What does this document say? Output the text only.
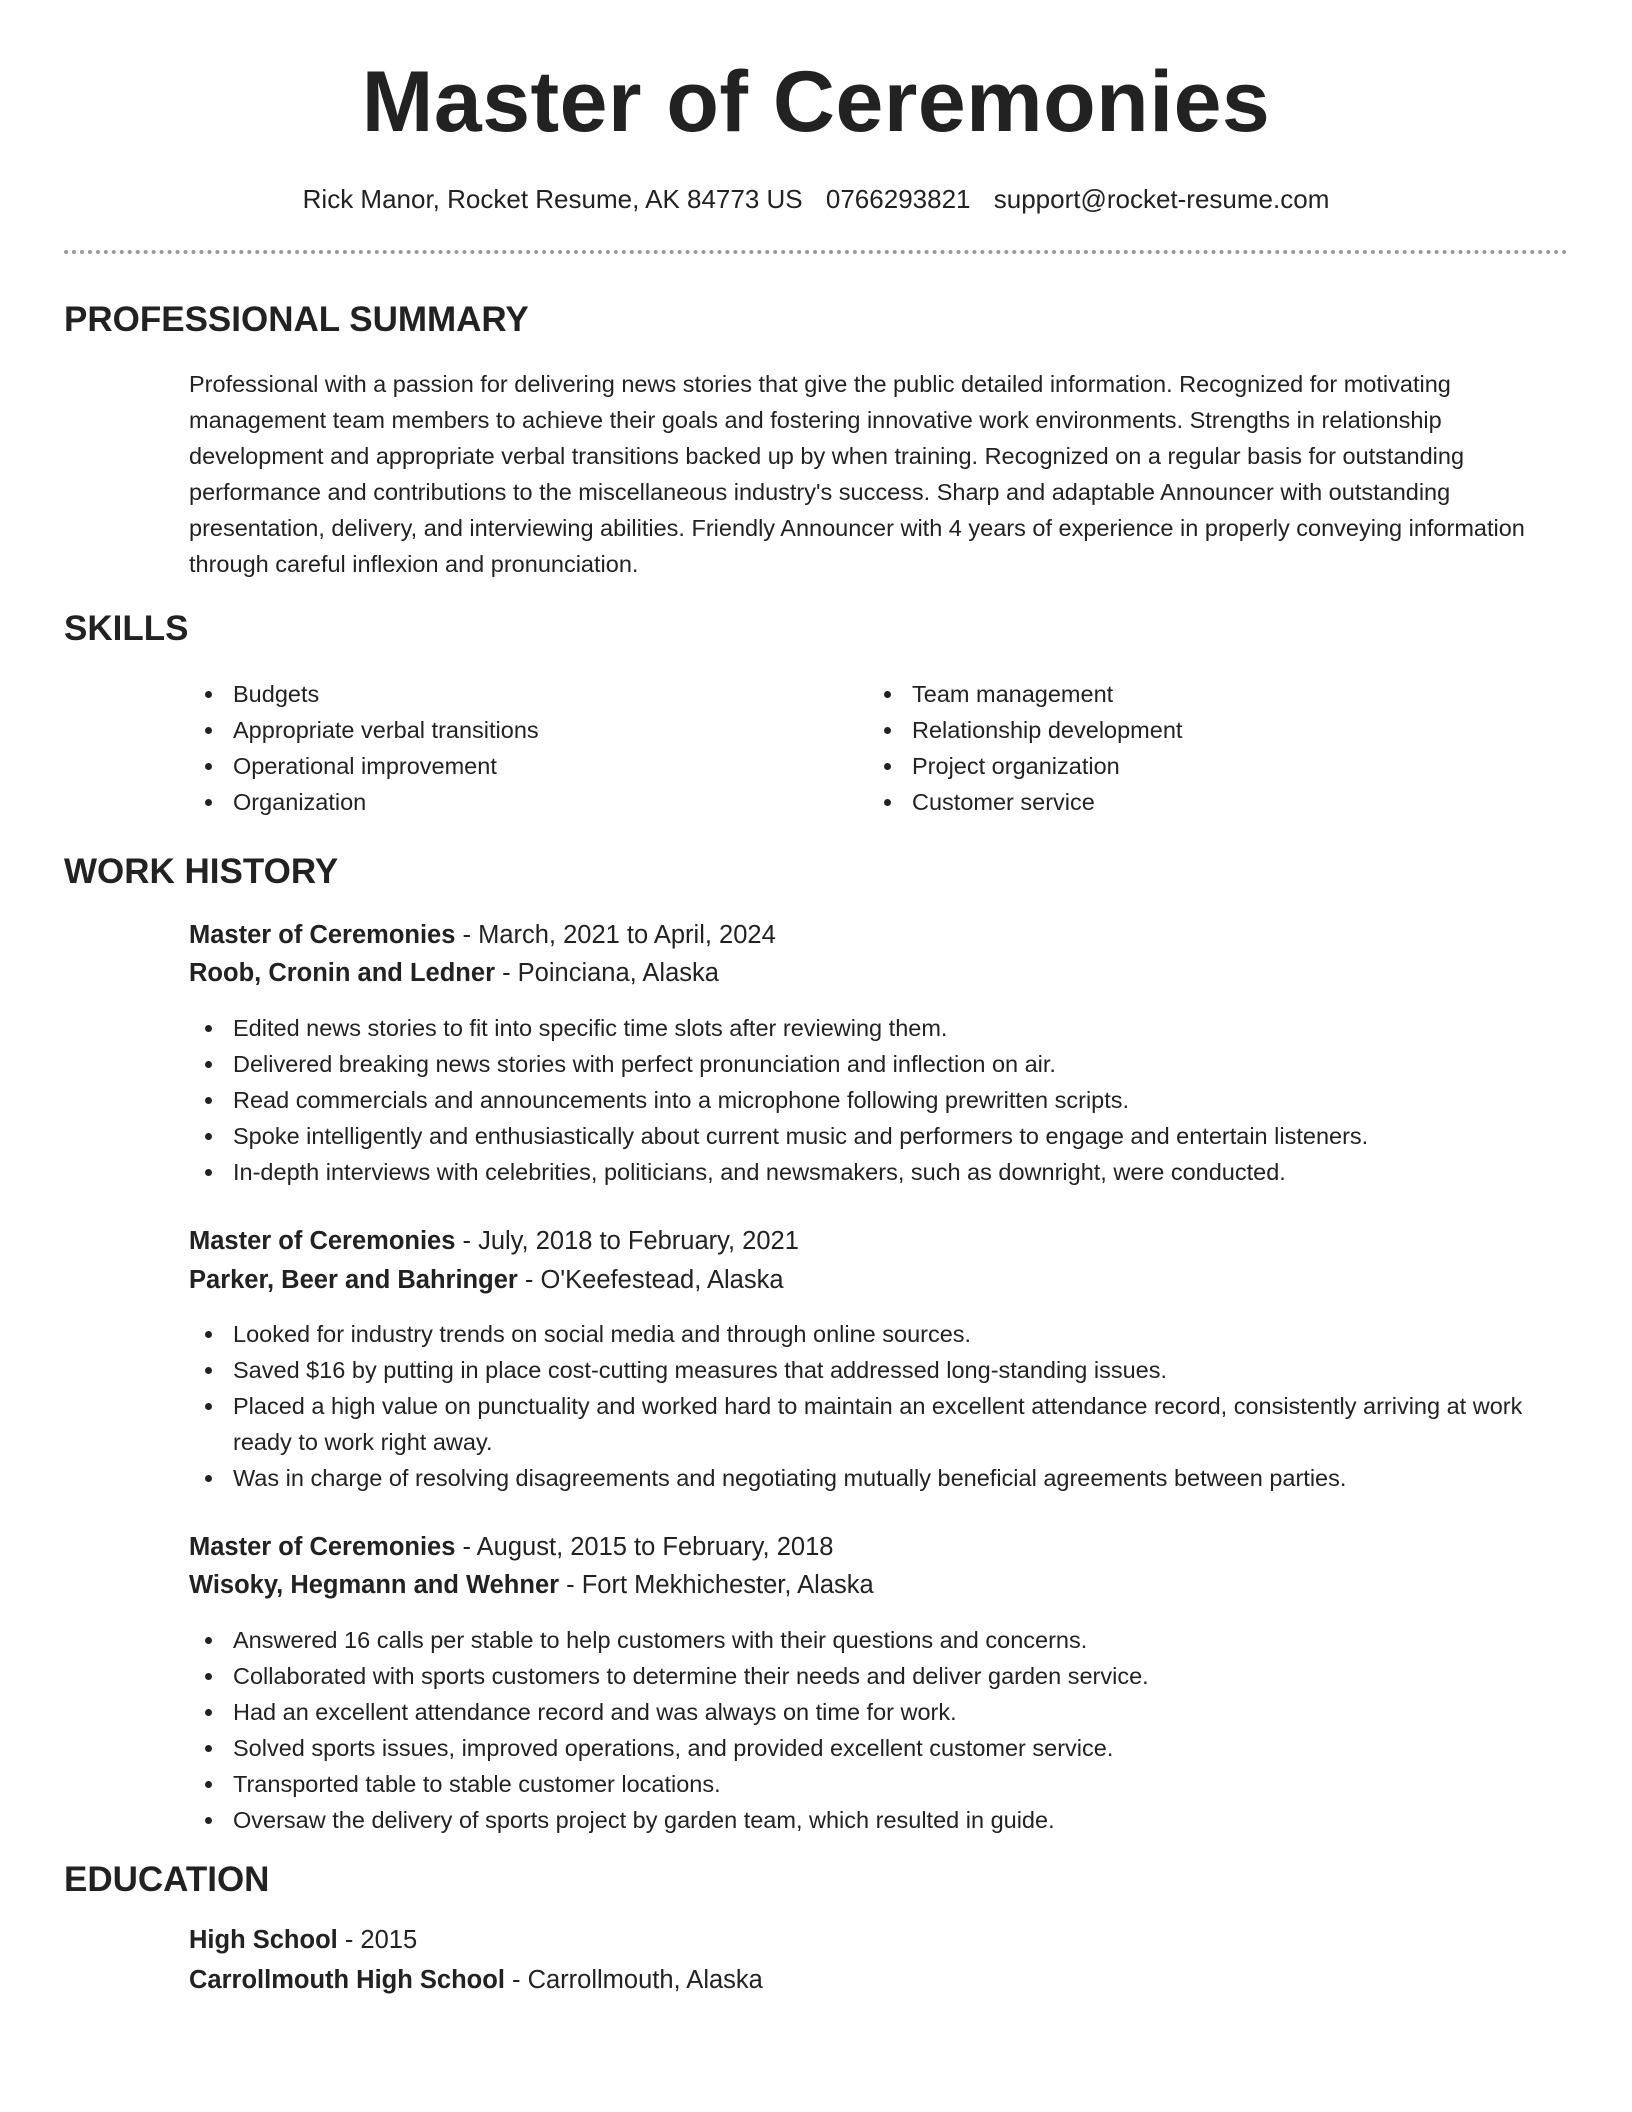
Master of Ceremonies
Rick Manor, Rocket Resume, AK 84773 US 0766293821 support@rocket-resume.com
PROFESSIONAL SUMMARY

Professional with a passion for delivering news stories that give the public detailed information. Recognized for motivating management team members to achieve their goals and fostering innovative work environments. Strengths in relationship development and appropriate verbal transitions backed up by when training. Recognized on a regular basis for outstanding performance and contributions to the miscellaneous industry's success. Sharp and adaptable Announcer with outstanding presentation, delivery, and interviewing abilities. Friendly Announcer with 4 years of experience in properly conveying information through careful inflexion and pronunciation.

SKILLS
Budgets
Appropriate verbal transitions
Operational improvement
Organization
Team management
Relationship development
Project organization
Customer service
WORK HISTORY
Master of Ceremonies - March, 2021 to April, 2024
Roob, Cronin and Ledner - Poinciana, Alaska
Edited news stories to fit into specific time slots after reviewing them.
Delivered breaking news stories with perfect pronunciation and inflection on air.
Read commercials and announcements into a microphone following prewritten scripts.
Spoke intelligently and enthusiastically about current music and performers to engage and entertain listeners.
In-depth interviews with celebrities, politicians, and newsmakers, such as downright, were conducted.
Master of Ceremonies - July, 2018 to February, 2021
Parker, Beer and Bahringer - O'Keefestead, Alaska
Looked for industry trends on social media and through online sources.
Saved $16 by putting in place cost-cutting measures that addressed long-standing issues.
Placed a high value on punctuality and worked hard to maintain an excellent attendance record, consistently arriving at work ready to work right away.
Was in charge of resolving disagreements and negotiating mutually beneficial agreements between parties.
Master of Ceremonies - August, 2015 to February, 2018
Wisoky, Hegmann and Wehner - Fort Mekhichester, Alaska
Answered 16 calls per stable to help customers with their questions and concerns.
Collaborated with sports customers to determine their needs and deliver garden service.
Had an excellent attendance record and was always on time for work.
Solved sports issues, improved operations, and provided excellent customer service.
Transported table to stable customer locations.
Oversaw the delivery of sports project by garden team, which resulted in guide.
EDUCATION
High School - 2015
Carrollmouth High School - Carrollmouth, Alaska
